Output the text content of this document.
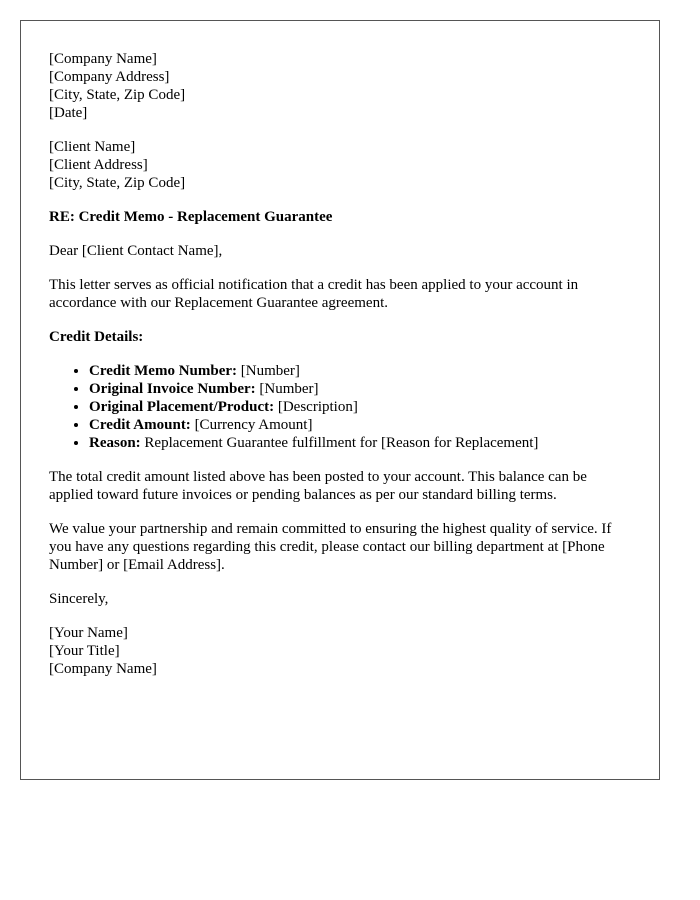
[Company Name]
[Company Address]
[City, State, Zip Code]
[Date]
[Client Name]
[Client Address]
[City, State, Zip Code]
RE: Credit Memo - Replacement Guarantee

Dear [Client Contact Name],

This letter serves as official notification that a credit has been applied to your account in accordance with our Replacement Guarantee agreement.

Credit Details:
• Credit Memo Number: [Number]
• Original Invoice Number: [Number]
• Original Placement/Product: [Description]
• Credit Amount: [Currency Amount]
• Reason: Replacement Guarantee fulfillment for [Reason for Replacement]

The total credit amount listed above has been posted to your account. This balance can be applied toward future invoices or pending balances as per our standard billing terms.

We value your partnership and remain committed to ensuring the highest quality of service. If you have any questions regarding this credit, please contact our billing department at [Phone Number] or [Email Address].

Sincerely,

[Your Name]
[Your Title]
[Company Name]
